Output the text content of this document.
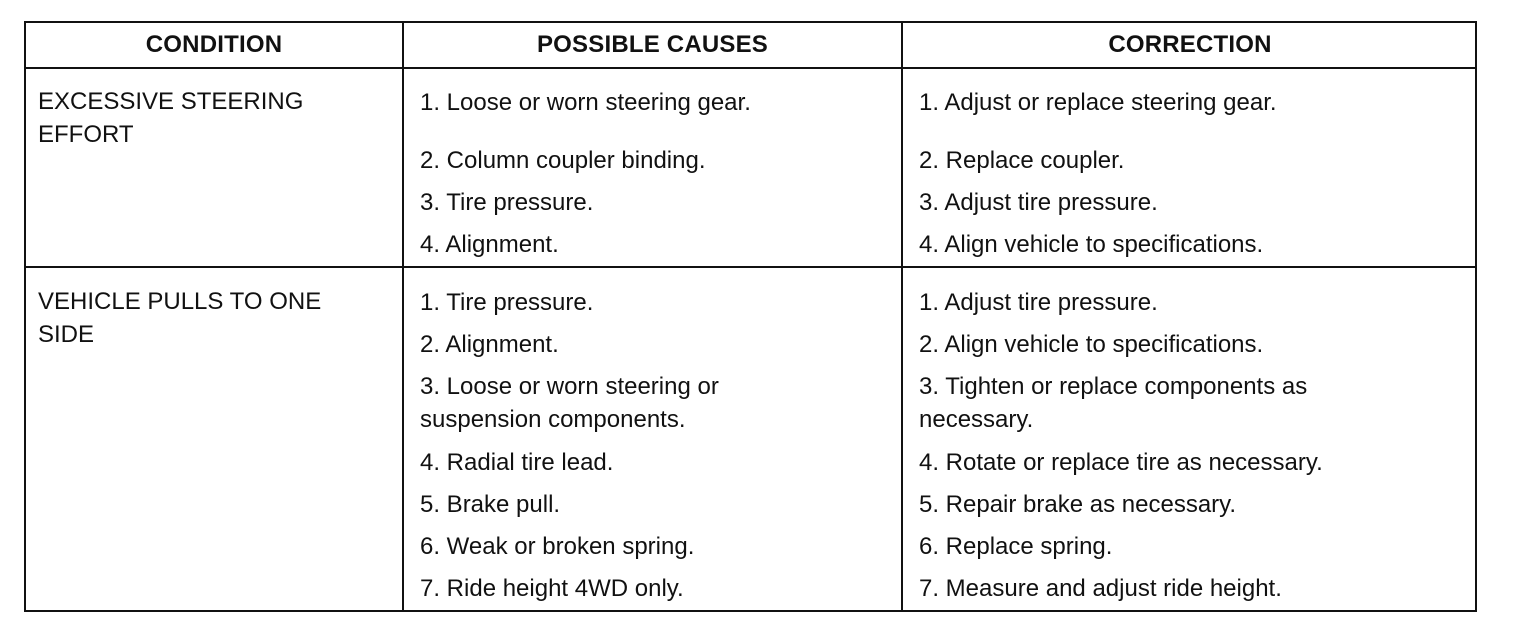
CONDITION	POSSIBLE CAUSES	CORRECTION
EXCESSIVE STEERING
EFFORT
1. Loose or worn steering gear.
2. Column coupler binding.
3. Tire pressure.
4. Alignment.
1. Adjust or replace steering gear.
2. Replace coupler.
3. Adjust tire pressure.
4. Align vehicle to specifications.
VEHICLE PULLS TO ONE
SIDE
1. Tire pressure.
2. Alignment.
3. Loose or worn steering or
suspension components.
4. Radial tire lead.
5. Brake pull.
6. Weak or broken spring.
7. Ride height 4WD only.
1. Adjust tire pressure.
2. Align vehicle to specifications.
3. Tighten or replace components as
necessary.
4. Rotate or replace tire as necessary.
5. Repair brake as necessary.
6. Replace spring.
7. Measure and adjust ride height.
